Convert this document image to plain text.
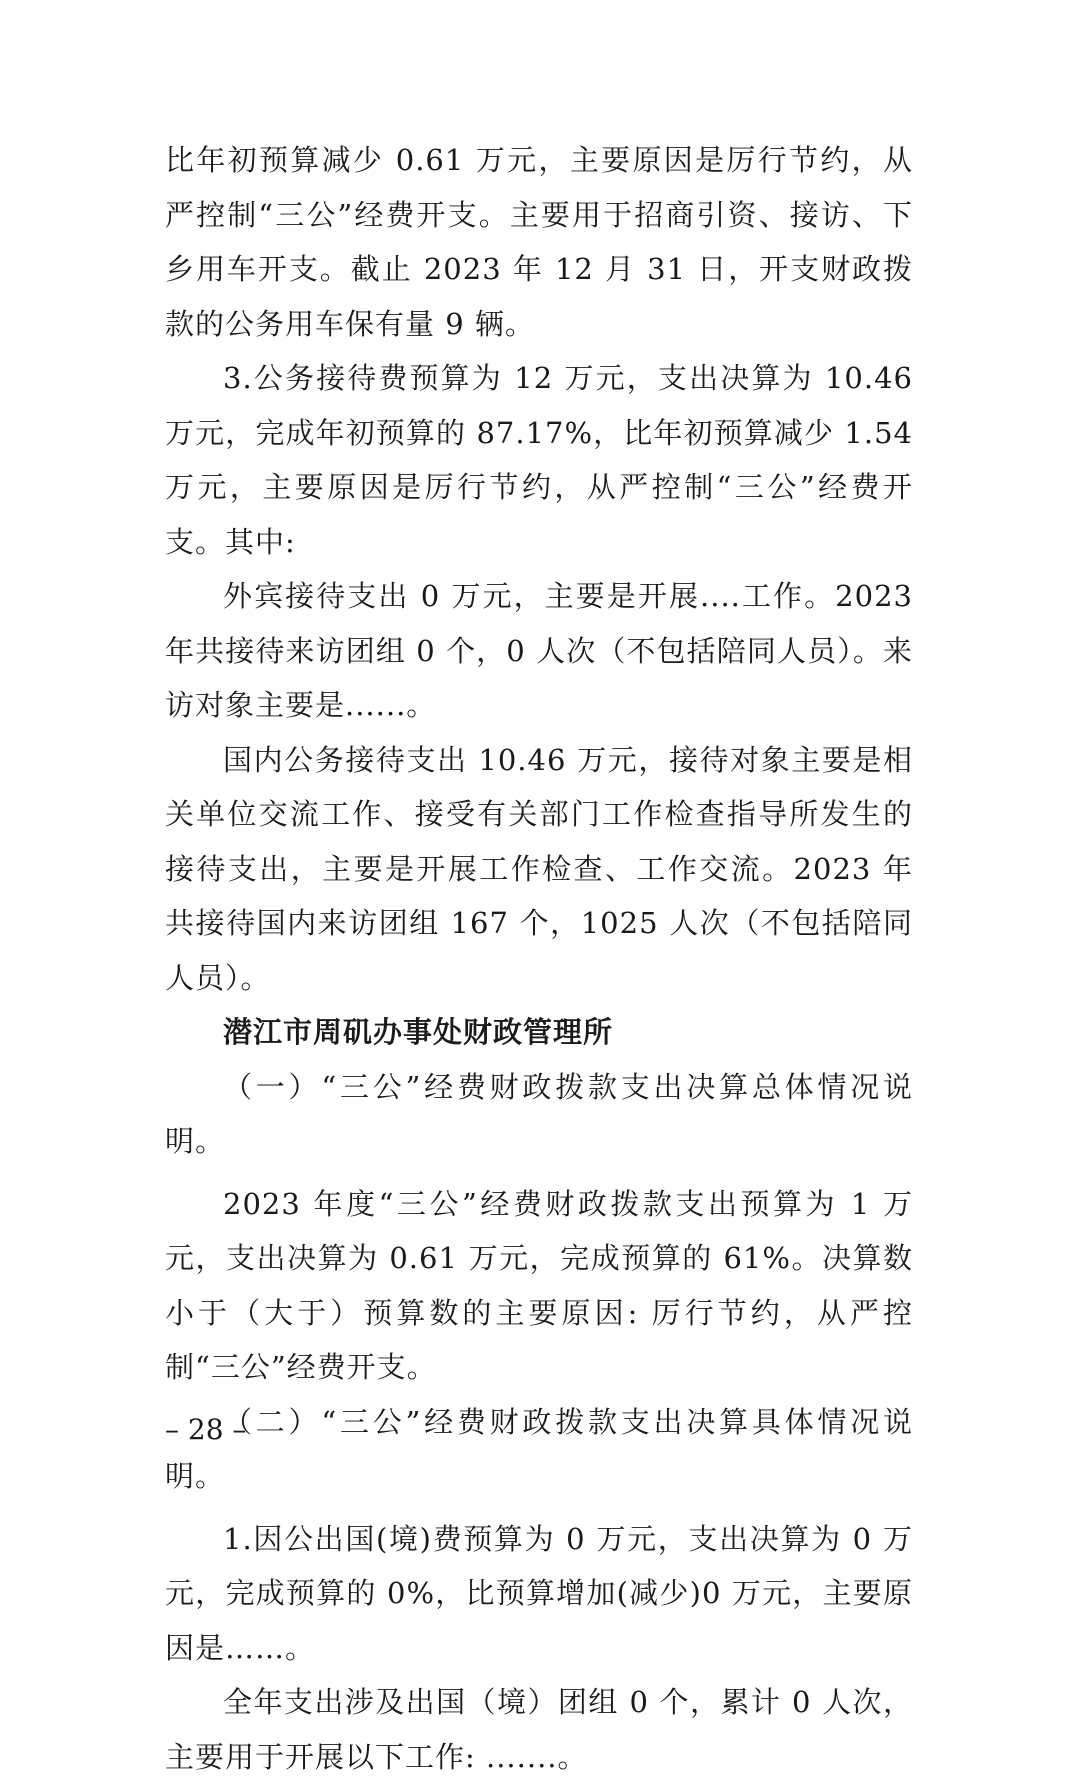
比年初预算减少 0.61 万元，主要原因是厉行节约，从严控制“三公”经费开支。主要用于招商引资、接访、下乡用车开支。截止 2023 年 12 月 31 日，开支财政拨款的公务用车保有量 9 辆。

3.公务接待费预算为 12 万元，支出决算为 10.46 万元，完成年初预算的 87.17%，比年初预算减少 1.54 万元，主要原因是厉行节约，从严控制“三公”经费开支。其中:

外宾接待支出 0 万元，主要是开展....工作。2023 年共接待来访团组 0 个，0 人次（不包括陪同人员）。来访对象主要是......。

国内公务接待支出 10.46 万元，接待对象主要是相关单位交流工作、接受有关部门工作检查指导所发生的接待支出，主要是开展工作检查、工作交流。2023 年共接待国内来访团组 167 个，1025 人次（不包括陪同人员）。

潜江市周矶办事处财政管理所

（一）“三公”经费财政拨款支出决算总体情况说明。

2023 年度“三公”经费财政拨款支出预算为 1 万元，支出决算为 0.61 万元，完成预算的 61%。决算数小于（大于）预算数的主要原因: 厉行节约，从严控制“三公”经费开支。

（二）“三公”经费财政拨款支出决算具体情况说明。

1.因公出国(境)费预算为 0 万元，支出决算为 0 万元，完成预算的 0%，比预算增加(减少)0 万元，主要原因是……。

全年支出涉及出国（境）团组 0 个，累计 0 人次，主要用于开展以下工作: .......。

– 28 –
